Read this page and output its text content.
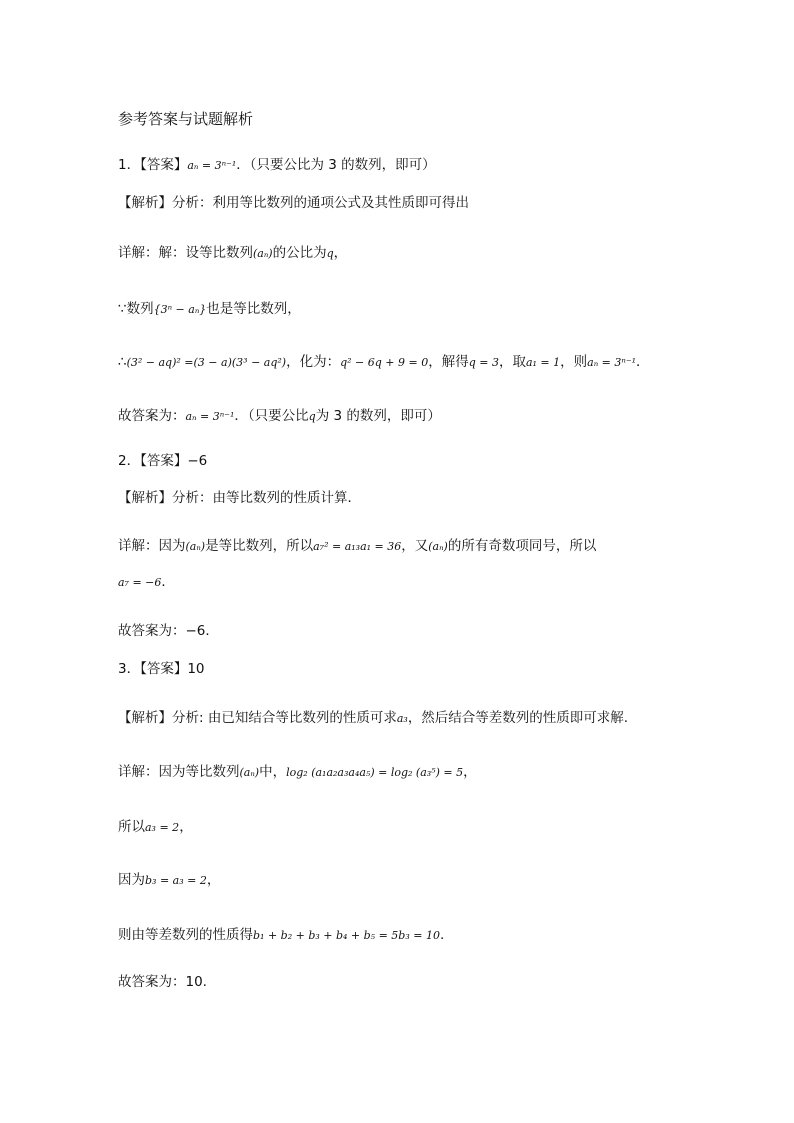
参考答案与试题解析
1．【答案】aₙ = 3ⁿ⁻¹．（只要公比为 3 的数列，即可）
【解析】分析：利用等比数列的通项公式及其性质即可得出
详解：解：设等比数列(aₙ)的公比为q，
∵数列{3ⁿ − aₙ}也是等比数列，
∴(3² − aq)² =(3 − a)(3³ − aq²)，化为：q² − 6q + 9 = 0，解得q = 3，取a₁ = 1，则aₙ = 3ⁿ⁻¹．
故答案为：aₙ = 3ⁿ⁻¹．（只要公比q为 3 的数列，即可）
2．【答案】−6
【解析】分析：由等比数列的性质计算．
详解：因为(aₙ)是等比数列，所以a₇² = a₁₃a₁ = 36，又(aₙ)的所有奇数项同号，所以
a₇ = −6．
故答案为：−6．
3．【答案】10
【解析】分析: 由已知结合等比数列的性质可求a₃，然后结合等差数列的性质即可求解.
详解：因为等比数列(aₙ)中，log₂ (a₁a₂a₃a₄a₅) = log₂ (a₃⁵) = 5，
所以a₃ = 2，
因为b₃ = a₃ = 2，
则由等差数列的性质得b₁ + b₂ + b₃ + b₄ + b₅ = 5b₃ = 10.
故答案为：10.
